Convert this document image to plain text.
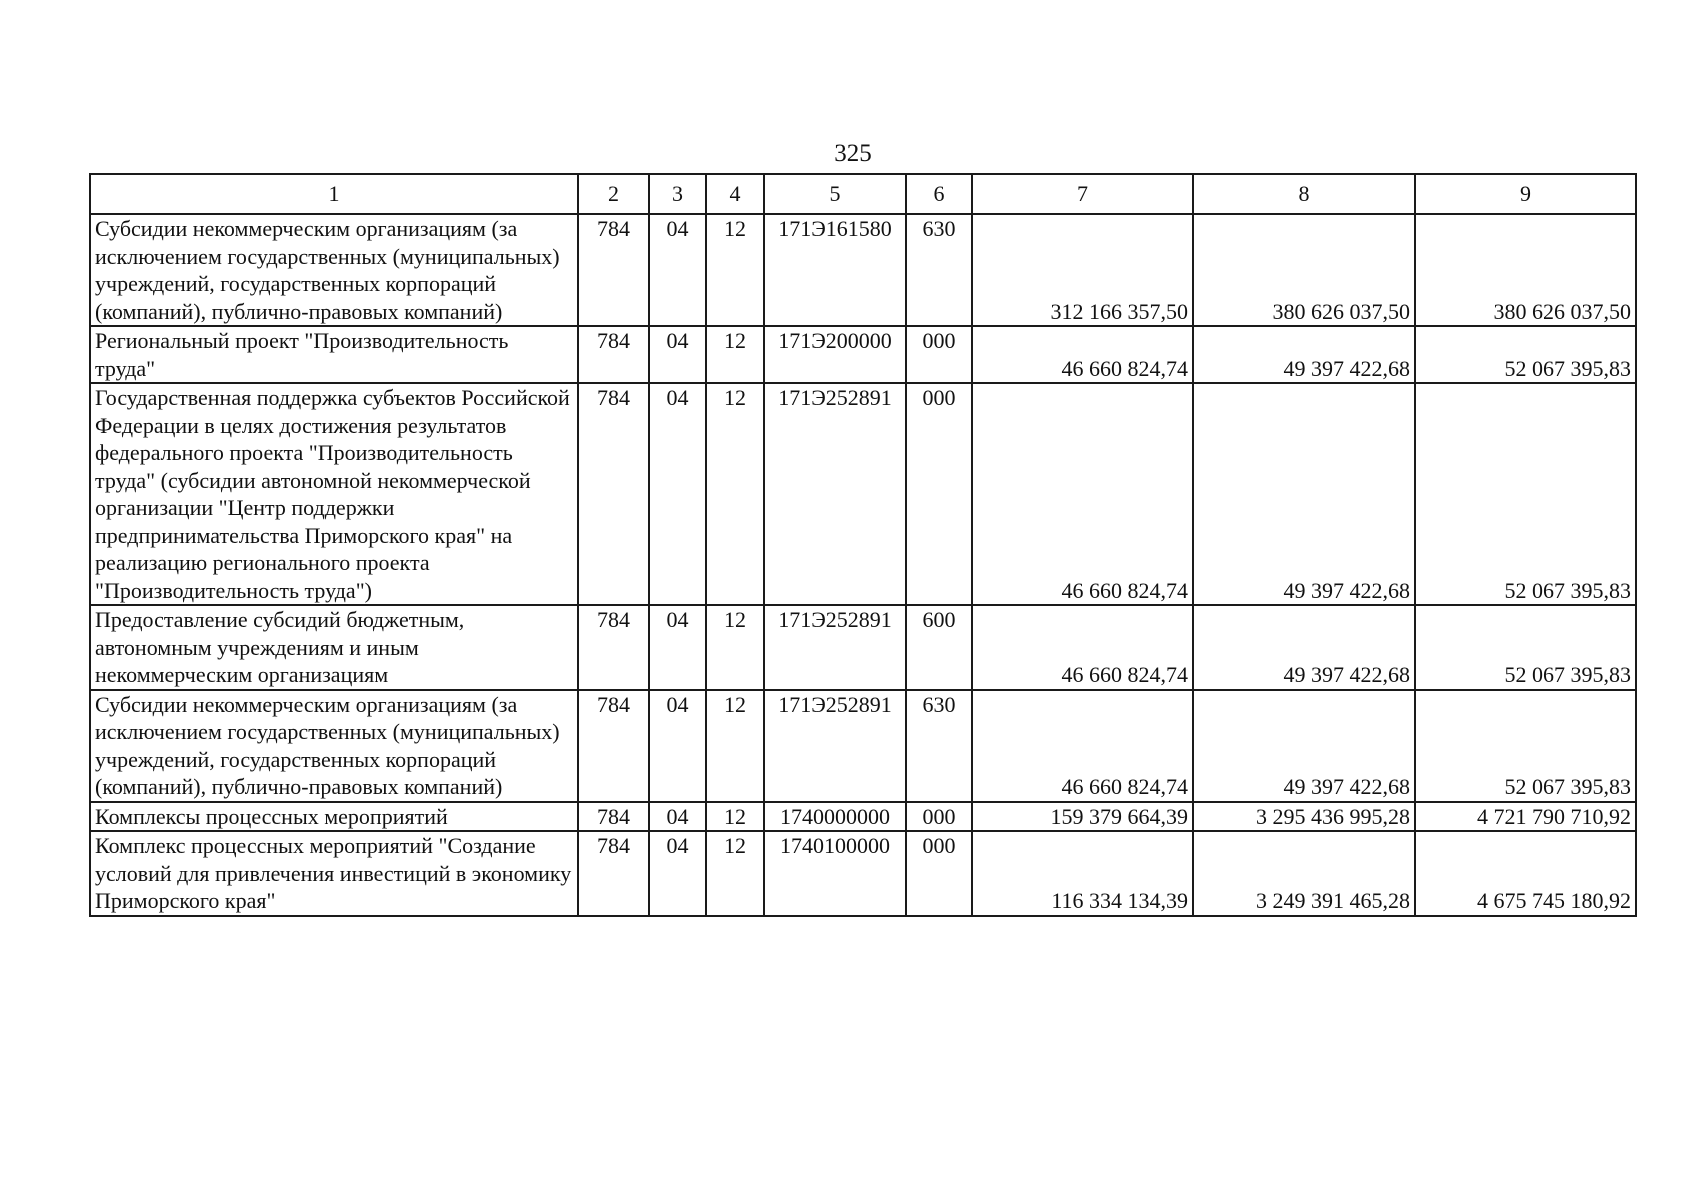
325
1	2	3	4	5	6	7	8	9
Субсидии некоммерческим организациям (за исключением государственных (муниципальных) учреждений, государственных корпораций (компаний), публично-правовых компаний)	784	04	12	171Э161580	630	312 166 357,50	380 626 037,50	380 626 037,50
Региональный проект "Производительность труда"	784	04	12	171Э200000	000	46 660 824,74	49 397 422,68	52 067 395,83
Государственная поддержка субъектов Российской Федерации в целях достижения результатов федерального проекта "Производительность труда" (субсидии автономной некоммерческой организации "Центр поддержки предпринимательства Приморского края" на реализацию регионального проекта "Производительность труда")	784	04	12	171Э252891	000	46 660 824,74	49 397 422,68	52 067 395,83
Предоставление субсидий бюджетным, автономным учреждениям и иным некоммерческим организациям	784	04	12	171Э252891	600	46 660 824,74	49 397 422,68	52 067 395,83
Субсидии некоммерческим организациям (за исключением государственных (муниципальных) учреждений, государственных корпораций (компаний), публично-правовых компаний)	784	04	12	171Э252891	630	46 660 824,74	49 397 422,68	52 067 395,83
Комплексы процессных мероприятий	784	04	12	1740000000	000	159 379 664,39	3 295 436 995,28	4 721 790 710,92
Комплекс процессных мероприятий "Создание условий для привлечения инвестиций в экономику Приморского края"	784	04	12	1740100000	000	116 334 134,39	3 249 391 465,28	4 675 745 180,92
